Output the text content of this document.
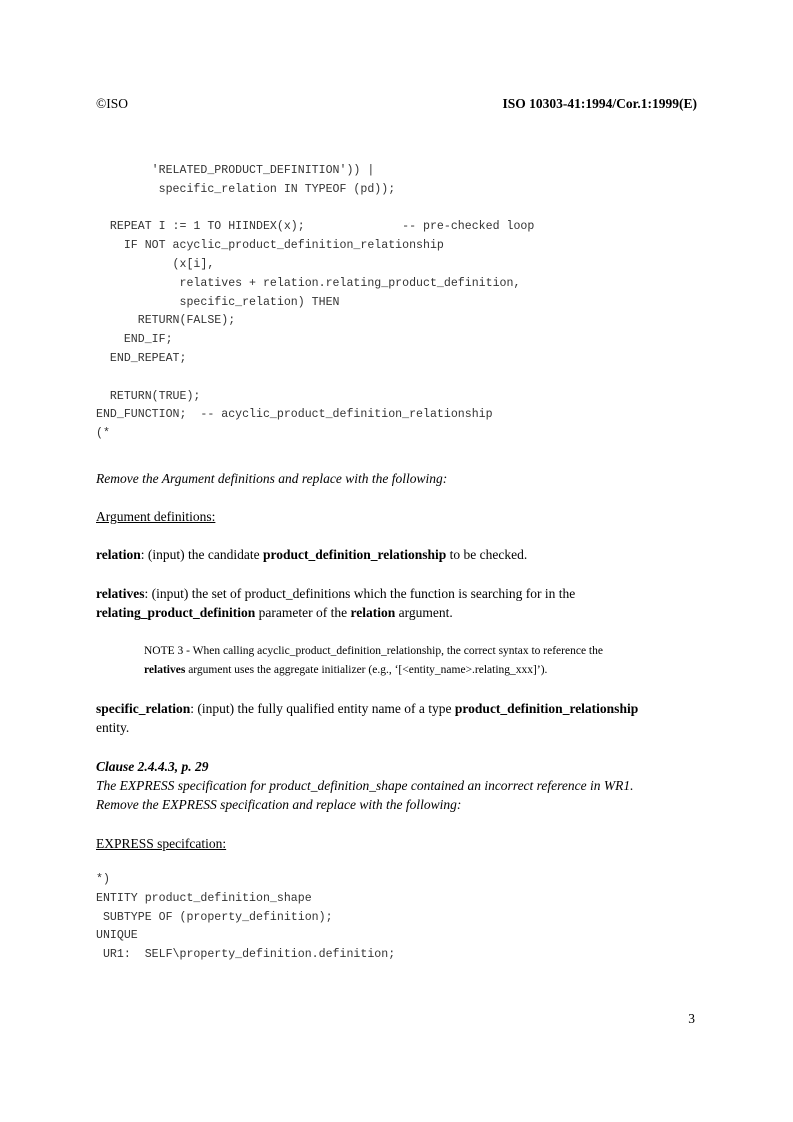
©ISO	ISO 10303-41:1994/Cor.1:1999(E)
'RELATED_PRODUCT_DEFINITION')) |
specific_relation IN TYPEOF (pd));

REPEAT I := 1 TO HIINDEX(x);              -- pre-checked loop
IF NOT acyclic_product_definition_relationship
(x[i],
relatives + relation.relating_product_definition,
specific_relation) THEN
RETURN(FALSE);
END_IF;
END_REPEAT;

RETURN(TRUE);
END_FUNCTION;  -- acyclic_product_definition_relationship
(*
Remove the Argument definitions and replace with the following:
Argument definitions:
relation: (input) the candidate product_definition_relationship to be checked.
relatives: (input) the set of product_definitions which the function is searching for in the
relating_product_definition parameter of the relation argument.
NOTE 3 - When calling acyclic_product_definition_relationship, the correct syntax to reference the
relatives argument uses the aggregate initializer (e.g., ‘[<entity_name>.relating_xxx]’).
specific_relation: (input) the fully qualified entity name of a type product_definition_relationship
entity.
Clause 2.4.4.3, p. 29
The EXPRESS specification for product_definition_shape contained an incorrect reference in WR1.
Remove the EXPRESS specification and replace with the following:
EXPRESS specifcation:
*)
ENTITY product_definition_shape
SUBTYPE OF (property_definition);
UNIQUE
UR1:  SELF\property_definition.definition;
3
